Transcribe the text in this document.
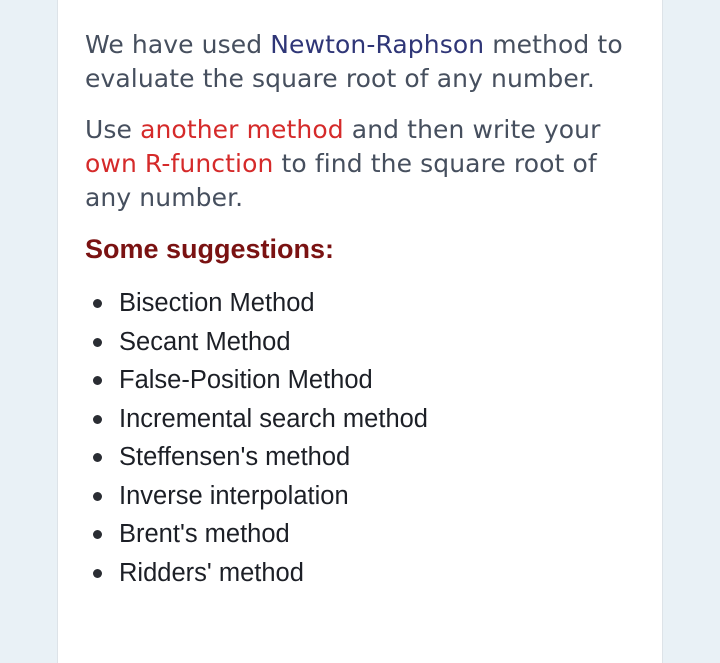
We have used Newton-Raphson method to evaluate the square root of any number.

Use another method and then write your own R-function to find the square root of any number.

Some suggestions:
Bisection Method
Secant Method
False-Position Method
Incremental search method
Steffensen's method
Inverse interpolation
Brent's method
Ridders' method
